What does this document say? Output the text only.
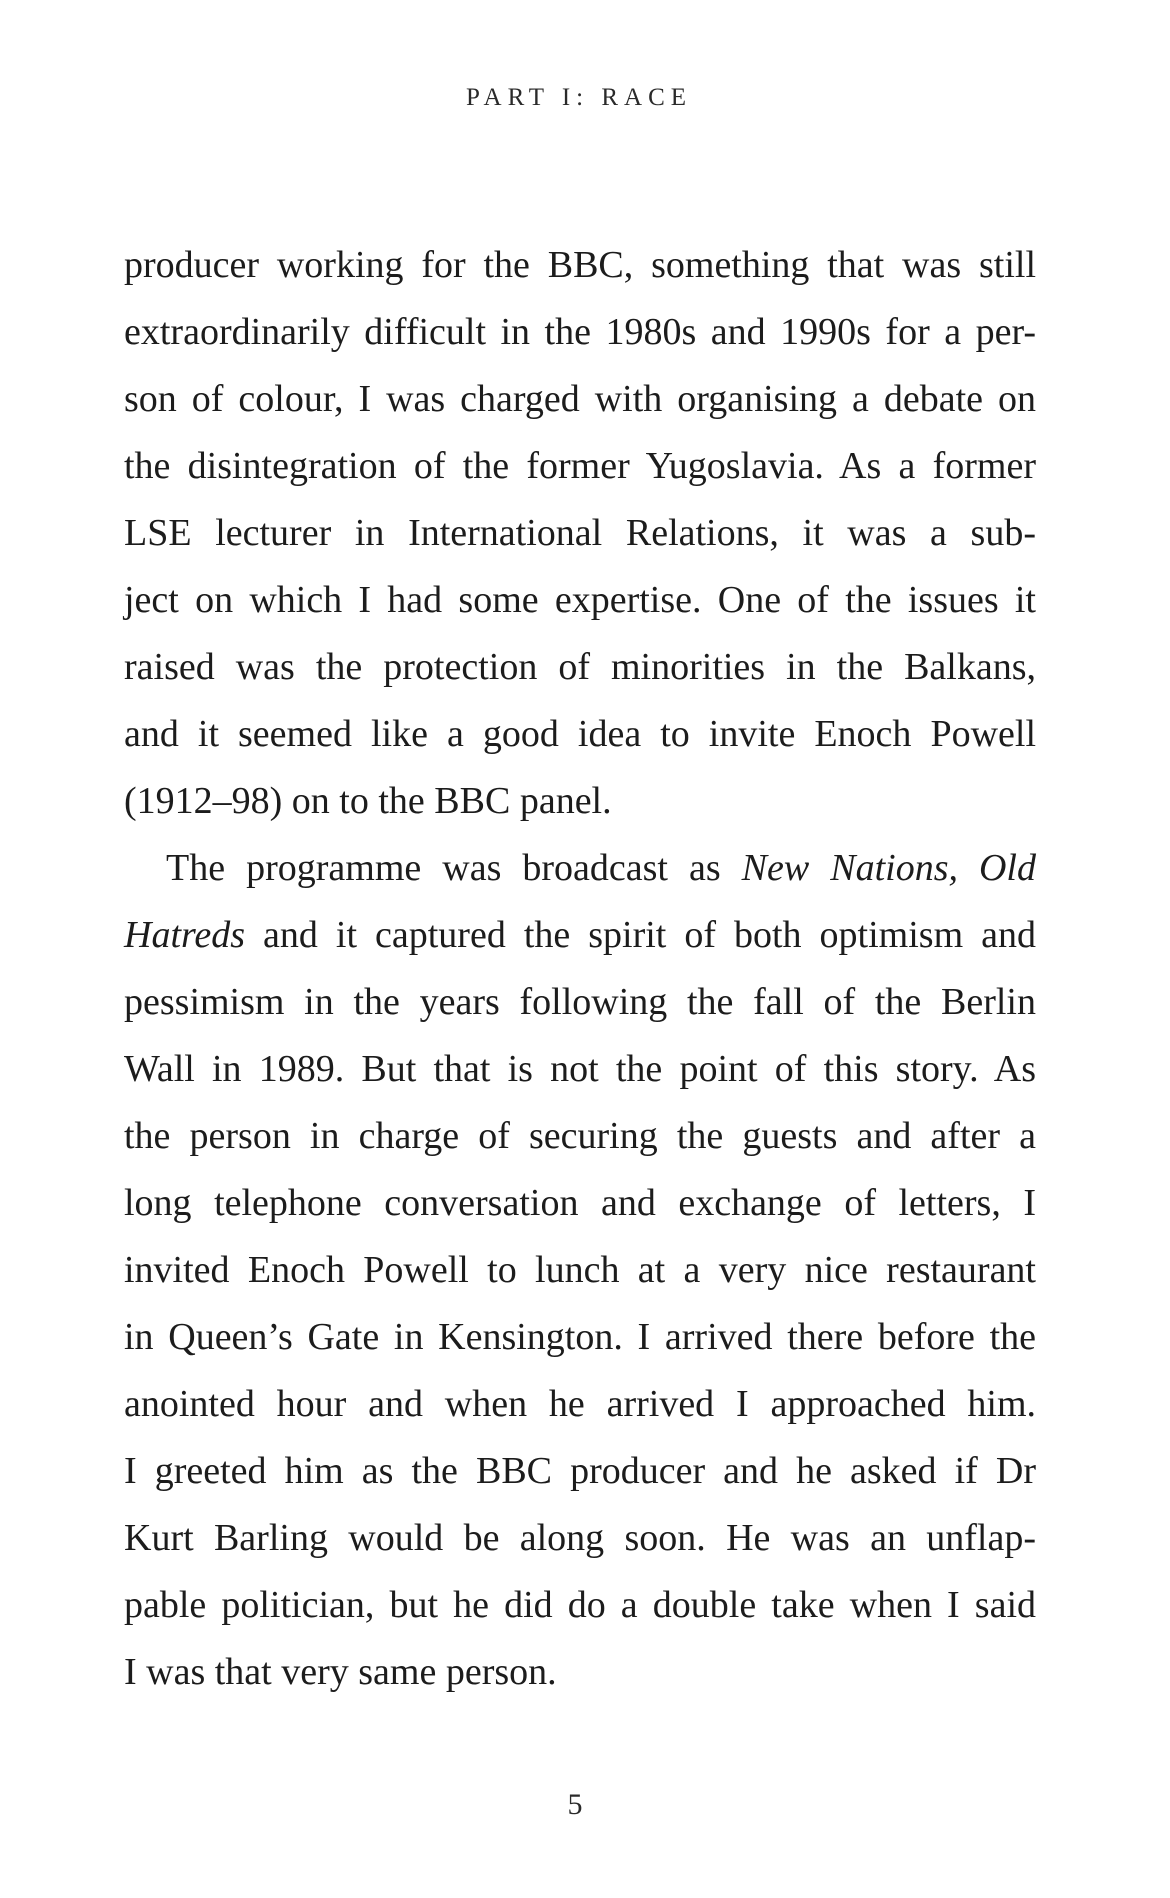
PART I: RACE
producer working for the BBC, something that was still
extraordinarily difficult in the 1980s and 1990s for a per-
son of colour, I was charged with organising a debate on
the disintegration of the former Yugoslavia. As a former
LSE lecturer in International Relations, it was a sub-
ject on which I had some expertise. One of the issues it
raised was the protection of minorities in the Balkans,
and it seemed like a good idea to invite Enoch Powell
(1912–98) on to the BBC panel.
The programme was broadcast as New Nations, Old
Hatreds and it captured the spirit of both optimism and
pessimism in the years following the fall of the Berlin
Wall in 1989. But that is not the point of this story. As
the person in charge of securing the guests and after a
long telephone conversation and exchange of letters, I
invited Enoch Powell to lunch at a very nice restaurant
in Queen’s Gate in Kensington. I arrived there before the
anointed hour and when he arrived I approached him.
I greeted him as the BBC producer and he asked if Dr
Kurt Barling would be along soon. He was an unflap-
pable politician, but he did do a double take when I said
I was that very same person.
5
